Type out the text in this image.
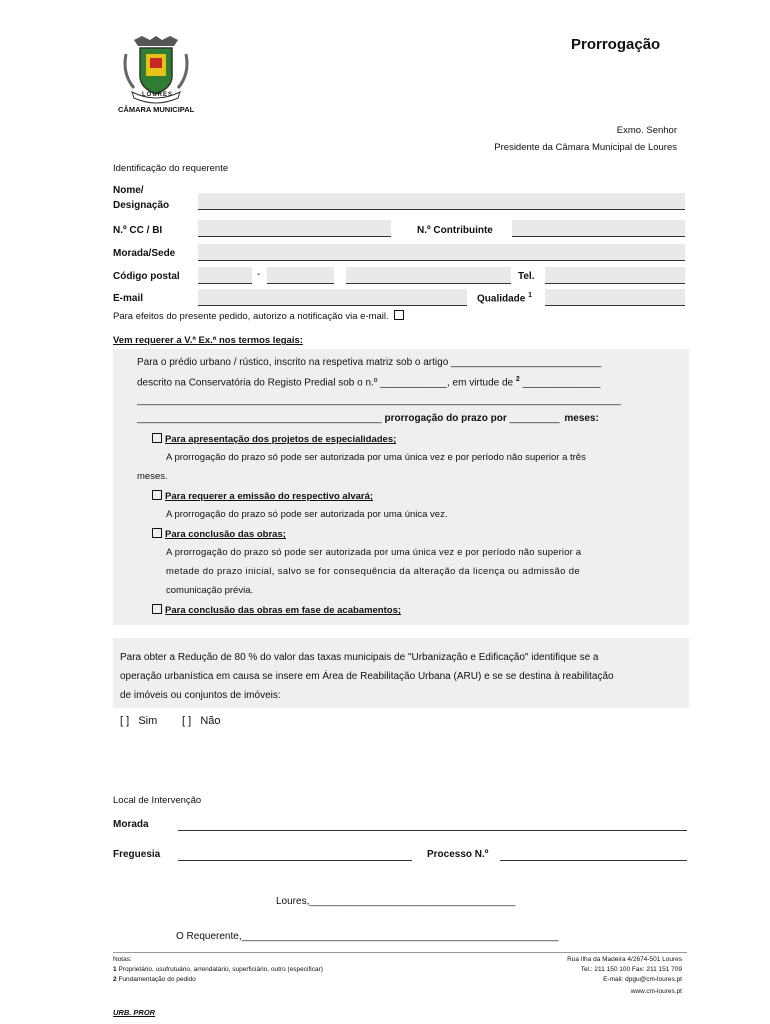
LOURES
CÂMARA MUNICIPAL
Prorrogação
Exmo. Senhor
Presidente da Câmara Municipal de Loures
Identificação do requerente
Nome/
Designação
N.º CC / BI	N.º Contribuinte
Morada/Sede
Código postal	-	Tel.
E-mail	Qualidade $^1$
Para efeitos do presente pedido, autorizo a notificação via e-mail.
Vem requerer a V.ª Ex.ª nos termos legais:
Para o prédio urbano / rústico, inscrito na respetiva matriz sob o artigo ___________________________
descrito na Conservatória do Registo Predial sob o n.º ____________, em virtude de $^2$ ______________
_______________________________________________________________________________________
____________________________________________ prorrogação do prazo por _________ meses:
Para apresentação dos projetos de especialidades;
A prorrogação do prazo só pode ser autorizada por uma única vez e por período não superior a três
meses.
Para requerer a emissão do respectivo alvará;
A prorrogação do prazo só pode ser autorizada por uma única vez.
Para conclusão das obras;
A prorrogação do prazo só pode ser autorizada por uma única vez e por período não superior a
metade do prazo inicial, salvo se for consequência da alteração da licença ou admissão de
comunicação prévia.
Para conclusão das obras em fase de acabamentos;
Para obter a Redução de 80 % do valor das taxas municipais de "Urbanização e Edificação" identifique se a
operação urbanística em causa se insere em Área de Reabilitação Urbana (ARU) e se se destina à reabilitação
de imóveis ou conjuntos de imóveis:
[ ]   Sim [ ]   Não
Local de Intervenção
Morada
Freguesia	Processo N.º
Loures,_____________________________________
O Requerente,_________________________________________________________
Notas:
1 Proprietário, usufrutuário, arrendatário, superficiário, outro (especificar)
2 Fundamentação do pedido
Rua Ilha da Madeira 4/2674-501 Loures
Tel.: 211 150 100 Fax: 211 151 709
E-mail: dpgu@cm-loures.pt
www.cm-loures.pt
URB. PROR
